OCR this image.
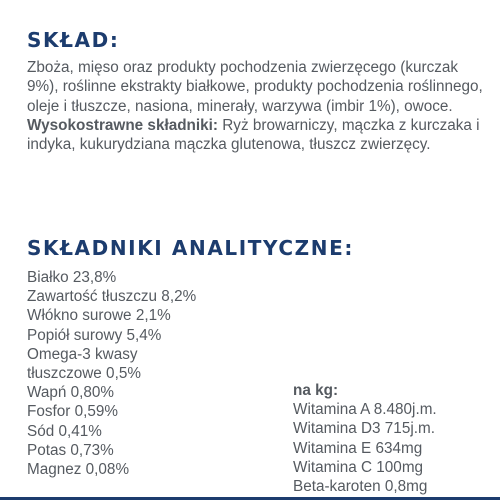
SKŁAD:

Zboża, mięso oraz produkty pochodzenia zwierzęcego (kurczak 9%), roślinne ekstrakty białkowe, produkty pochodzenia roślinnego, oleje i tłuszcze, nasiona, minerały, warzywa (imbir 1%), owoce.
Wysokostrawne składniki: Ryż browarniczy, mączka z kurczaka i indyka, kukurydziana mączka glutenowa, tłuszcz zwierzęcy.

SKŁADNIKI ANALITYCZNE:
Białko 23,8%
Zawartość tłuszczu 8,2%
Włókno surowe 2,1%
Popiół surowy 5,4%
Omega-3 kwasy
tłuszczowe 0,5%
Wapń 0,80%
Fosfor 0,59%
Sód 0,41%
Potas 0,73%
Magnez 0,08%
na kg:
Witamina A 8.480j.m.
Witamina D3 715j.m.
Witamina E 634mg
Witamina C 100mg
Beta-karoten 0,8mg
